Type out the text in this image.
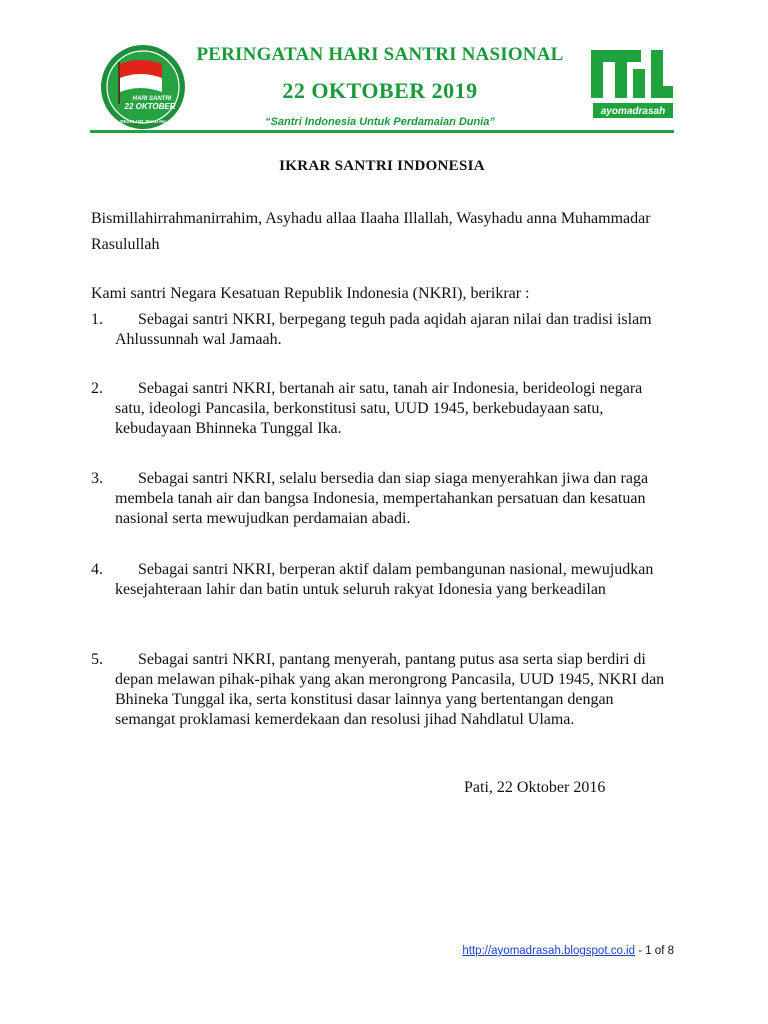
HARI SANTRI
22 OKTOBER
RESOLUSI JIHAD NU
PERINGATAN HARI SANTRI NASIONAL
22 OKTOBER 2019
“Santri Indonesia Untuk Perdamaian Dunia”
ayomadrasah
IKRAR SANTRI INDONESIA
Bismillahirrahmanirrahim, Asyhadu allaa Ilaaha Illallah, Wasyhadu anna Muhammadar Rasulullah
Kami santri Negara Kesatuan Republik Indonesia (NKRI), berikrar :
1.	Sebagai santri NKRI, berpegang teguh pada aqidah ajaran nilai dan tradisi islam Ahlussunnah wal Jamaah.
2.	Sebagai santri NKRI, bertanah air satu, tanah air Indonesia, berideologi negara satu, ideologi Pancasila, berkonstitusi satu, UUD 1945, berkebudayaan satu, kebudayaan Bhinneka Tunggal Ika.
3.	Sebagai santri NKRI, selalu bersedia dan siap siaga menyerahkan jiwa dan raga membela tanah air dan bangsa Indonesia, mempertahankan persatuan dan kesatuan nasional serta mewujudkan perdamaian abadi.
4.	Sebagai santri NKRI, berperan aktif dalam pembangunan nasional, mewujudkan kesejahteraan lahir dan batin untuk seluruh rakyat Idonesia yang berkeadilan
5.	Sebagai santri NKRI, pantang menyerah, pantang putus asa serta siap berdiri di depan melawan pihak-pihak yang akan merongrong Pancasila, UUD 1945, NKRI dan Bhineka Tunggal ika, serta konstitusi dasar lainnya yang bertentangan dengan semangat proklamasi kemerdekaan dan resolusi jihad Nahdlatul Ulama.
Pati, 22 Oktober 2016
http://ayomadrasah.blogspot.co.id - 1 of 8
